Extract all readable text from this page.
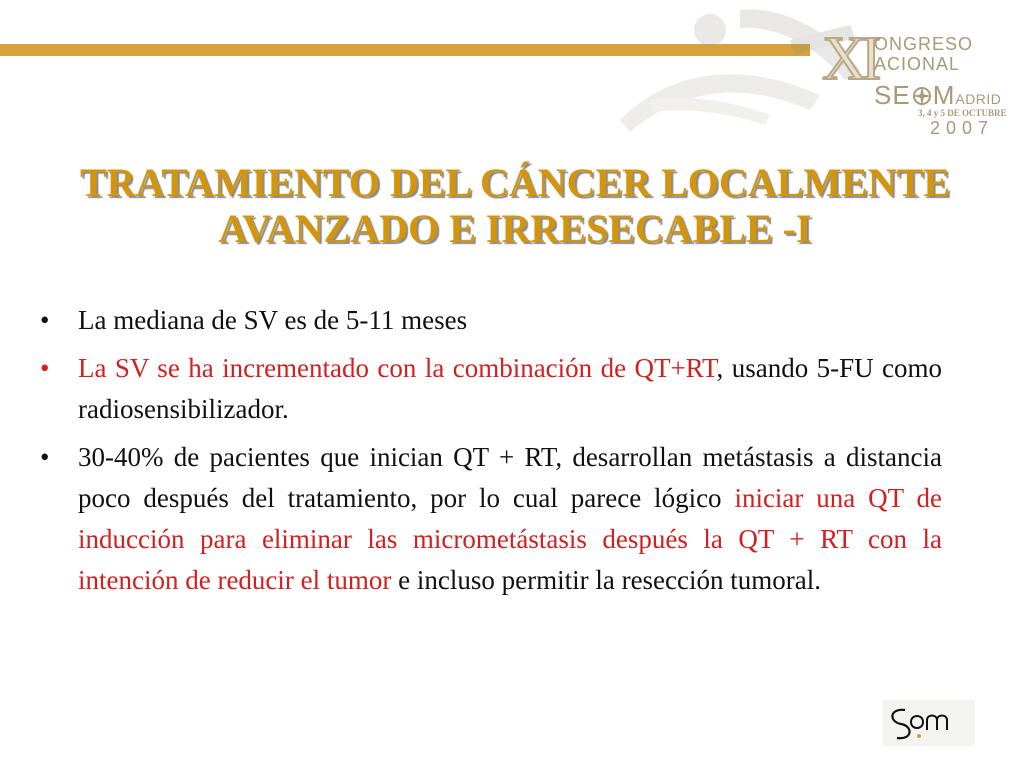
XI
ONGRESO
ACIONAL
SE MADRID
3, 4 y 5 DE OCTUBRE
2007
TRATAMIENTO DEL CÁNCER LOCALMENTE
AVANZADO E IRRESECABLE -I
•	La mediana de SV es de 5-11 meses
•	La SV se ha incrementado con la combinación de QT+RT, usando 5-FU como radiosensibilizador.
•	30-40% de pacientes que inician QT + RT, desarrollan metástasis a distancia poco después del tratamiento, por lo cual parece lógico iniciar una QT de inducción para eliminar las micrometástasis después la QT + RT con la intención de reducir el tumor e incluso permitir la resección tumoral.
